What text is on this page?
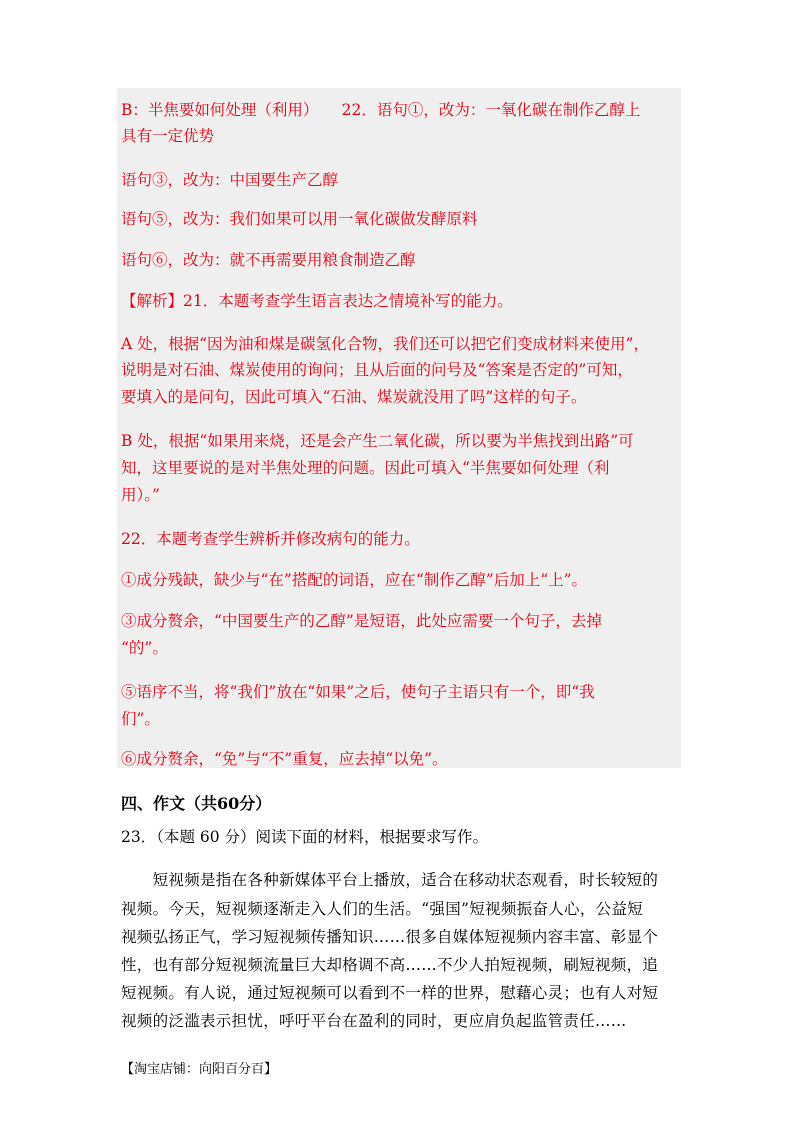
B：半焦要如何处理（利用）　　22．语句①，改为：一氧化碳在制作乙醇上
具有一定优势
语句③，改为：中国要生产乙醇
语句⑤，改为：我们如果可以用一氧化碳做发酵原料
语句⑥，改为：就不再需要用粮食制造乙醇
【解析】21．本题考查学生语言表达之情境补写的能力。
A 处，根据“因为油和煤是碳氢化合物，我们还可以把它们变成材料来使用”，
说明是对石油、煤炭使用的询问；且从后面的问号及“答案是否定的”可知，
要填入的是问句，因此可填入“石油、煤炭就没用了吗”这样的句子。
B 处，根据“如果用来烧，还是会产生二氧化碳，所以要为半焦找到出路”可
知，这里要说的是对半焦处理的问题。因此可填入“半焦要如何处理（利
用）。”
22．本题考查学生辨析并修改病句的能力。
①成分残缺，缺少与“在”搭配的词语，应在“制作乙醇”后加上“上”。
③成分赘余，“中国要生产的乙醇”是短语，此处应需要一个句子，去掉
“的”。
⑤语序不当，将“我们”放在“如果”之后，使句子主语只有一个，即“我
们”。
⑥成分赘余，“免”与“不”重复，应去掉“以免”。
四、作文（共60分）
23．（本题 60 分）阅读下面的材料，根据要求写作。
　　短视频是指在各种新媒体平台上播放，适合在移动状态观看，时长较短的
视频。今天，短视频逐渐走入人们的生活。“强国”短视频振奋人心，公益短
视频弘扬正气，学习短视频传播知识……很多自媒体短视频内容丰富、彰显个
性，也有部分短视频流量巨大却格调不高……不少人拍短视频，刷短视频，追
短视频。有人说，通过短视频可以看到不一样的世界，慰藉心灵；也有人对短
视频的泛滥表示担忧，呼吁平台在盈利的同时，更应肩负起监管责任……
【淘宝店铺：向阳百分百】
